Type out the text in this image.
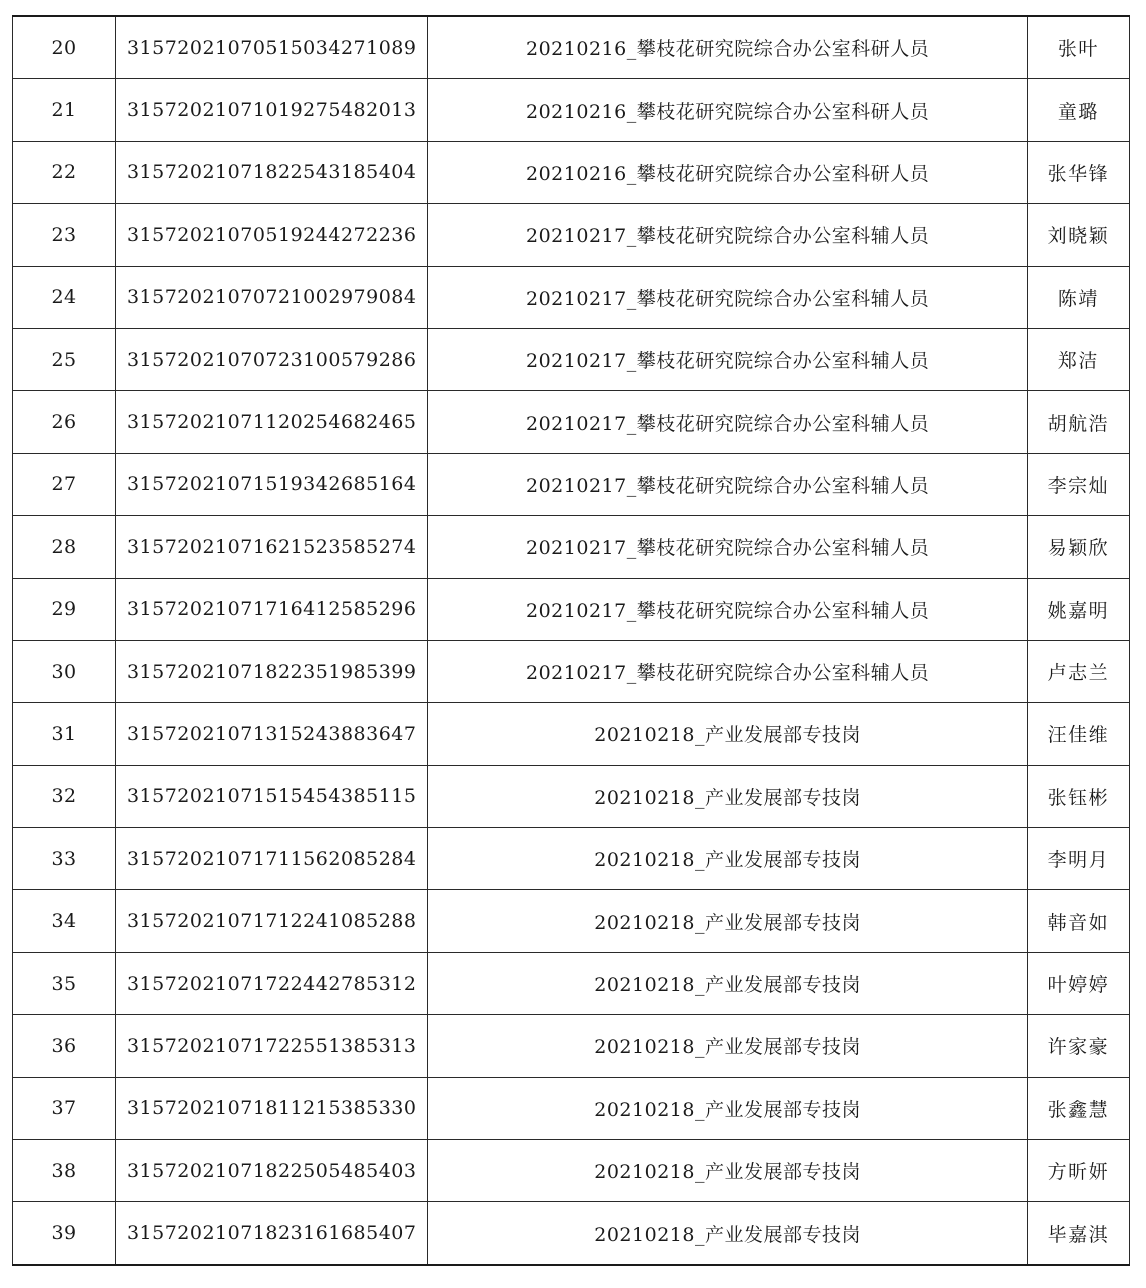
20	31572021070515034271089	20210216_攀枝花研究院综合办公室科研人员	张叶
21	31572021071019275482013	20210216_攀枝花研究院综合办公室科研人员	童璐
22	31572021071822543185404	20210216_攀枝花研究院综合办公室科研人员	张华锋
23	31572021070519244272236	20210217_攀枝花研究院综合办公室科辅人员	刘晓颖
24	31572021070721002979084	20210217_攀枝花研究院综合办公室科辅人员	陈靖
25	31572021070723100579286	20210217_攀枝花研究院综合办公室科辅人员	郑洁
26	31572021071120254682465	20210217_攀枝花研究院综合办公室科辅人员	胡航浩
27	31572021071519342685164	20210217_攀枝花研究院综合办公室科辅人员	李宗灿
28	31572021071621523585274	20210217_攀枝花研究院综合办公室科辅人员	易颖欣
29	31572021071716412585296	20210217_攀枝花研究院综合办公室科辅人员	姚嘉明
30	31572021071822351985399	20210217_攀枝花研究院综合办公室科辅人员	卢志兰
31	31572021071315243883647	20210218_产业发展部专技岗	汪佳维
32	31572021071515454385115	20210218_产业发展部专技岗	张钰彬
33	31572021071711562085284	20210218_产业发展部专技岗	李明月
34	31572021071712241085288	20210218_产业发展部专技岗	韩音如
35	31572021071722442785312	20210218_产业发展部专技岗	叶婷婷
36	31572021071722551385313	20210218_产业发展部专技岗	许家豪
37	31572021071811215385330	20210218_产业发展部专技岗	张鑫慧
38	31572021071822505485403	20210218_产业发展部专技岗	方昕妍
39	31572021071823161685407	20210218_产业发展部专技岗	毕嘉淇
